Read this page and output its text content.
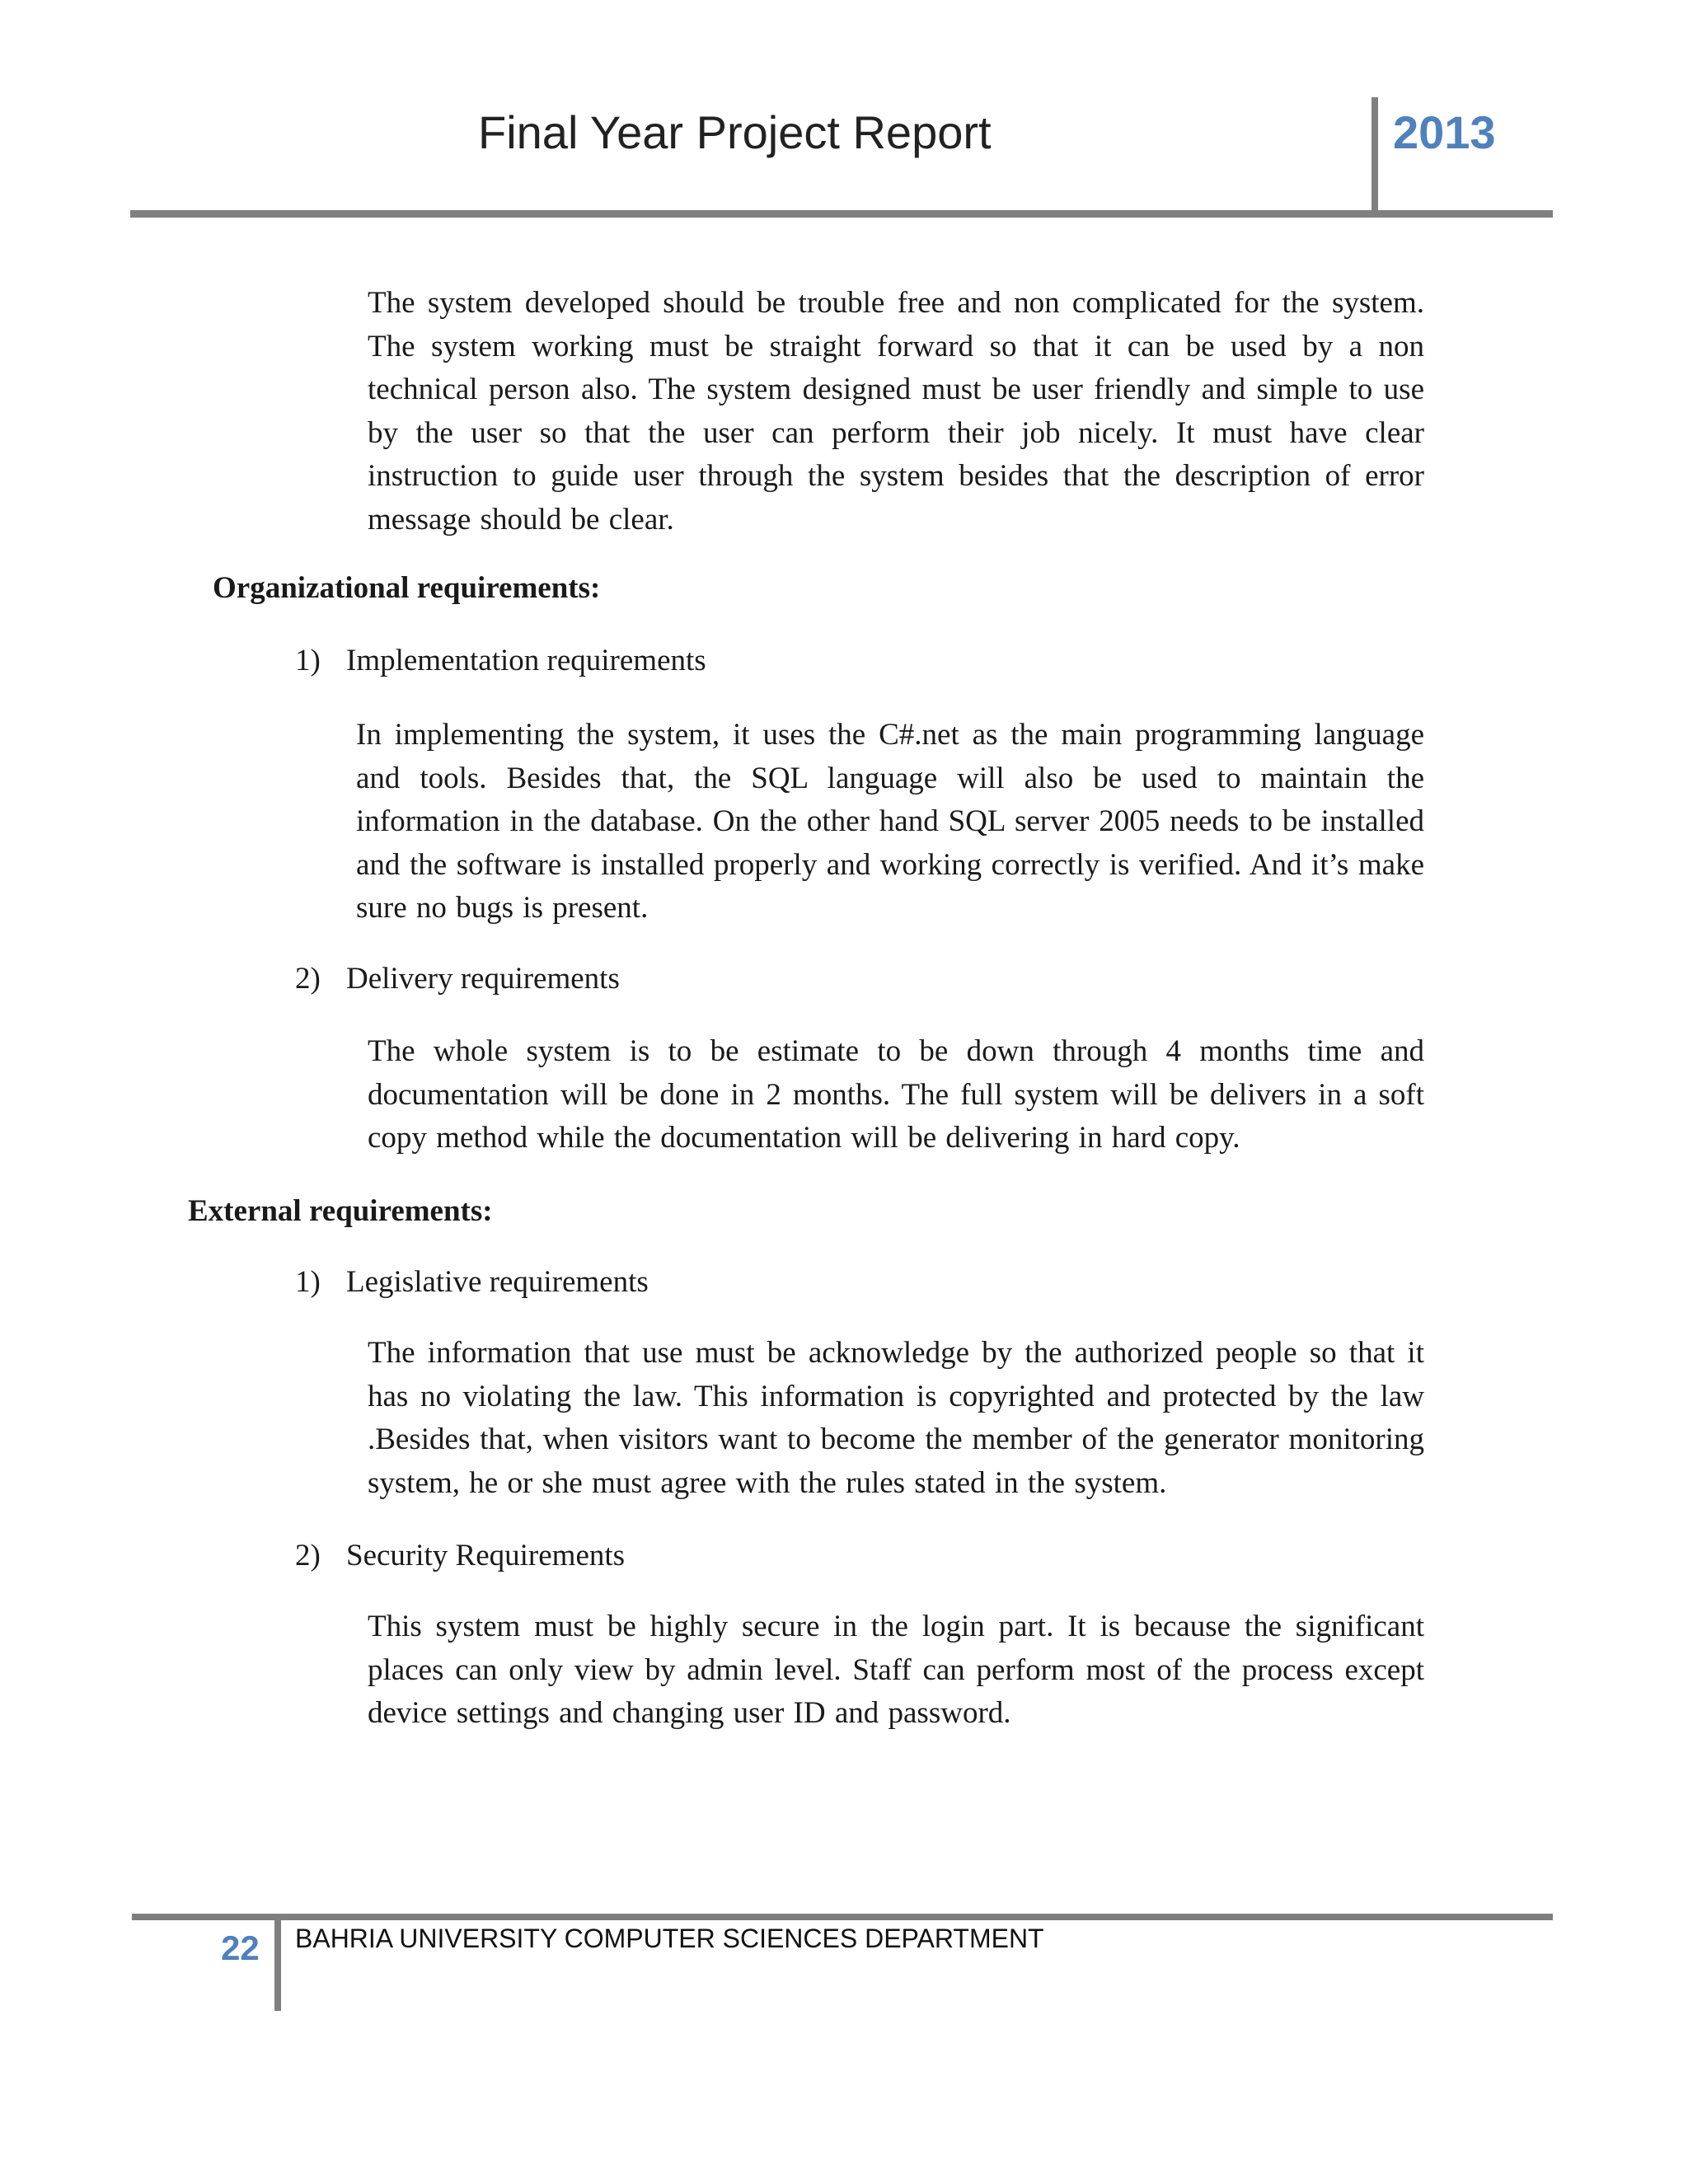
Final Year Project Report	2013
The system developed should be trouble free and non complicated for the system. The system working must be straight forward so that it can be used by a non technical person also. The system designed must be user friendly and simple to use by the user so that the user can perform their job nicely. It must have clear instruction to guide user through the system besides that the description of error message should be clear.
Organizational requirements:
1) Implementation requirements
In implementing the system, it uses the C#.net as the main programming language and tools. Besides that, the SQL language will also be used to maintain the information in the database. On the other hand SQL server 2005 needs to be installed and the software is installed properly and working correctly is verified. And it’s make sure no bugs is present.
2) Delivery requirements
The whole system is to be estimate to be down through 4 months time and documentation will be done in 2 months. The full system will be delivers in a soft copy method while the documentation will be delivering in hard copy.
External requirements:
1) Legislative requirements
The information that use must be acknowledge by the authorized people so that it has no violating the law. This information is copyrighted and protected by the law .Besides that, when visitors want to become the member of the generator monitoring system, he or she must agree with the rules stated in the system.
2) Security Requirements
This system must be highly secure in the login part. It is because the significant places can only view by admin level. Staff can perform most of the process except device settings and changing user ID and password.
22 BAHRIA UNIVERSITY COMPUTER SCIENCES DEPARTMENT
